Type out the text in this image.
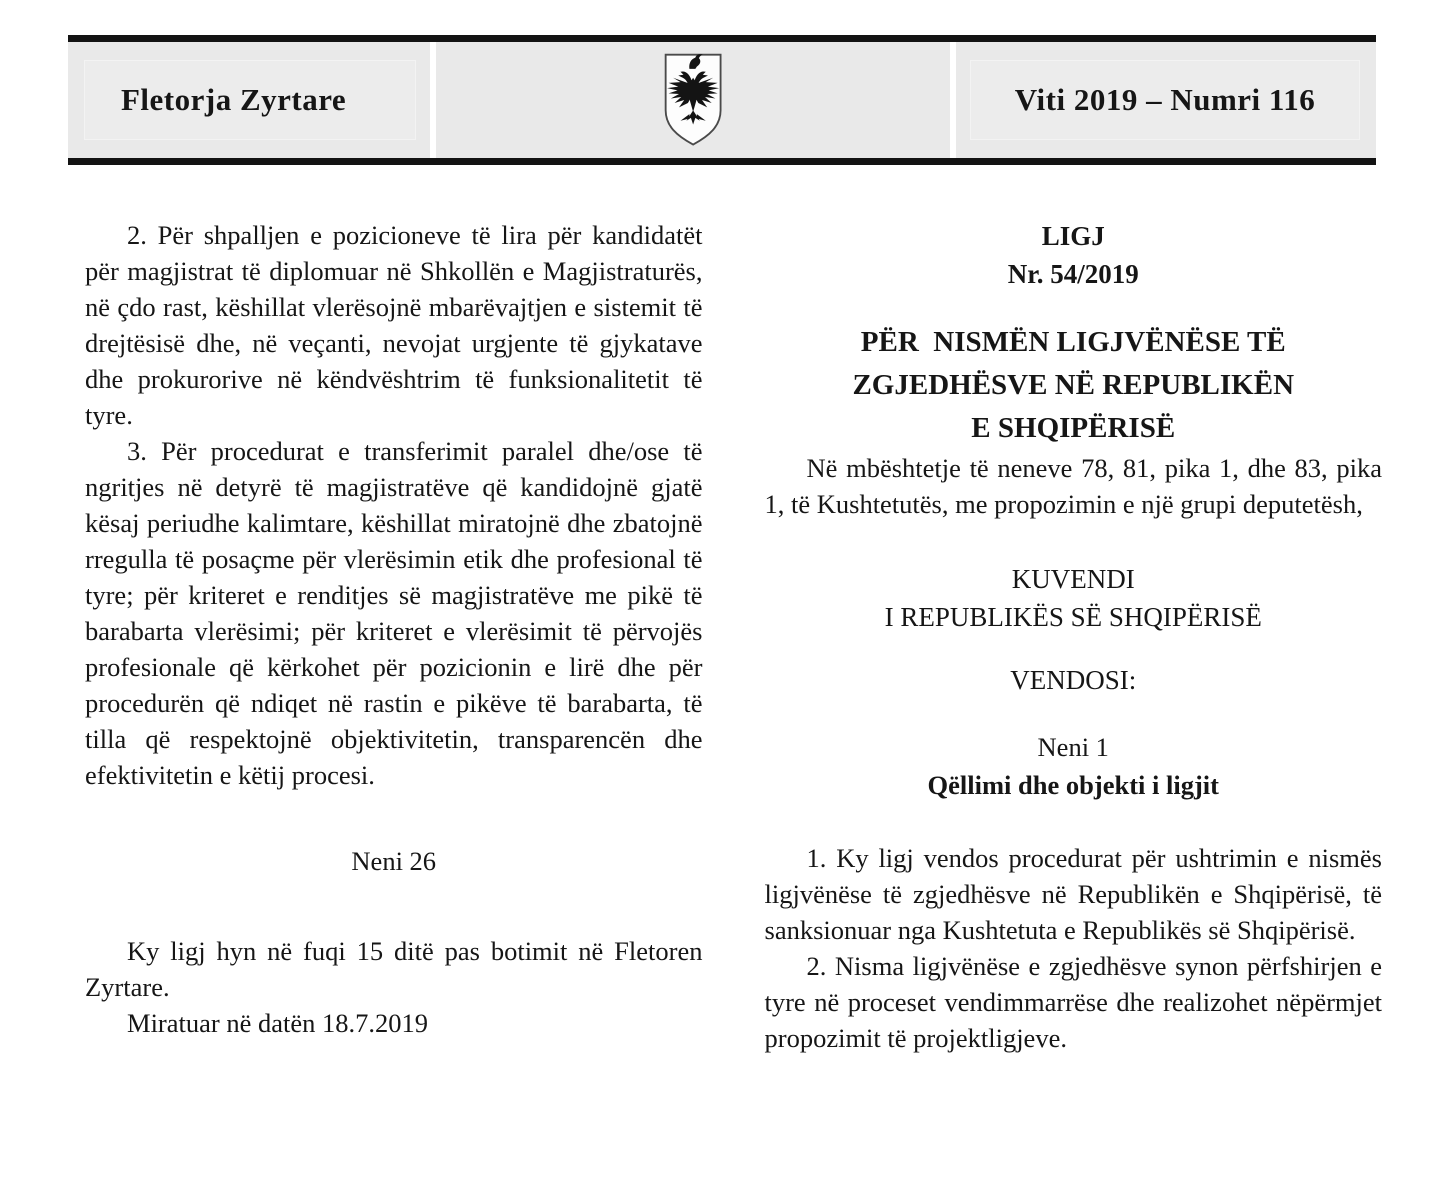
Fletorja Zyrtare	Viti 2019 – Numri 116

2. Për shpalljen e pozicioneve të lira për kandidatët për magjistrat të diplomuar në Shkollën e Magjistraturës, në çdo rast, këshillat vlerësojnë mbarëvajtjen e sistemit të drejtësisë dhe, në veçanti, nevojat urgjente të gjykatave dhe prokurorive në këndvështrim të funksionalitetit të tyre.

3. Për procedurat e transferimit paralel dhe/ose të ngritjes në detyrë të magjistratëve që kandidojnë gjatë kësaj periudhe kalimtare, këshillat miratojnë dhe zbatojnë rregulla të posaçme për vlerësimin etik dhe profesional të tyre; për kriteret e renditjes së magjistratëve me pikë të barabarta vlerësimi; për kriteret e vlerësimit të përvojës profesionale që kërkohet për pozicionin e lirë dhe për procedurën që ndiqet në rastin e pikëve të barabarta, të tilla që respektojnë objektivitetin, transparencën dhe efektivitetin e këtij procesi.

Neni 26

Ky ligj hyn në fuqi 15 ditë pas botimit në Fletoren Zyrtare.

Miratuar në datën 18.7.2019

LIGJ
Nr. 54/2019
PËR  NISMËN LIGJVËNËSE TË
ZGJEDHËSVE NË REPUBLIKËN
E SHQIPËRISË

Në mbështetje të neneve 78, 81, pika 1, dhe 83, pika 1, të Kushtetutës, me propozimin e një grupi deputetësh,

KUVENDI
I REPUBLIKËS SË SHQIPËRISË
VENDOSI:
Neni 1
Qëllimi dhe objekti i ligjit

1. Ky ligj vendos procedurat për ushtrimin e nismës ligjvënëse të zgjedhësve në Republikën e Shqipërisë, të sanksionuar nga Kushtetuta e Republikës së Shqipërisë.

2. Nisma ligjvënëse e zgjedhësve synon përfshirjen e tyre në proceset vendimmarrëse dhe realizohet nëpërmjet propozimit të projektligjeve.
